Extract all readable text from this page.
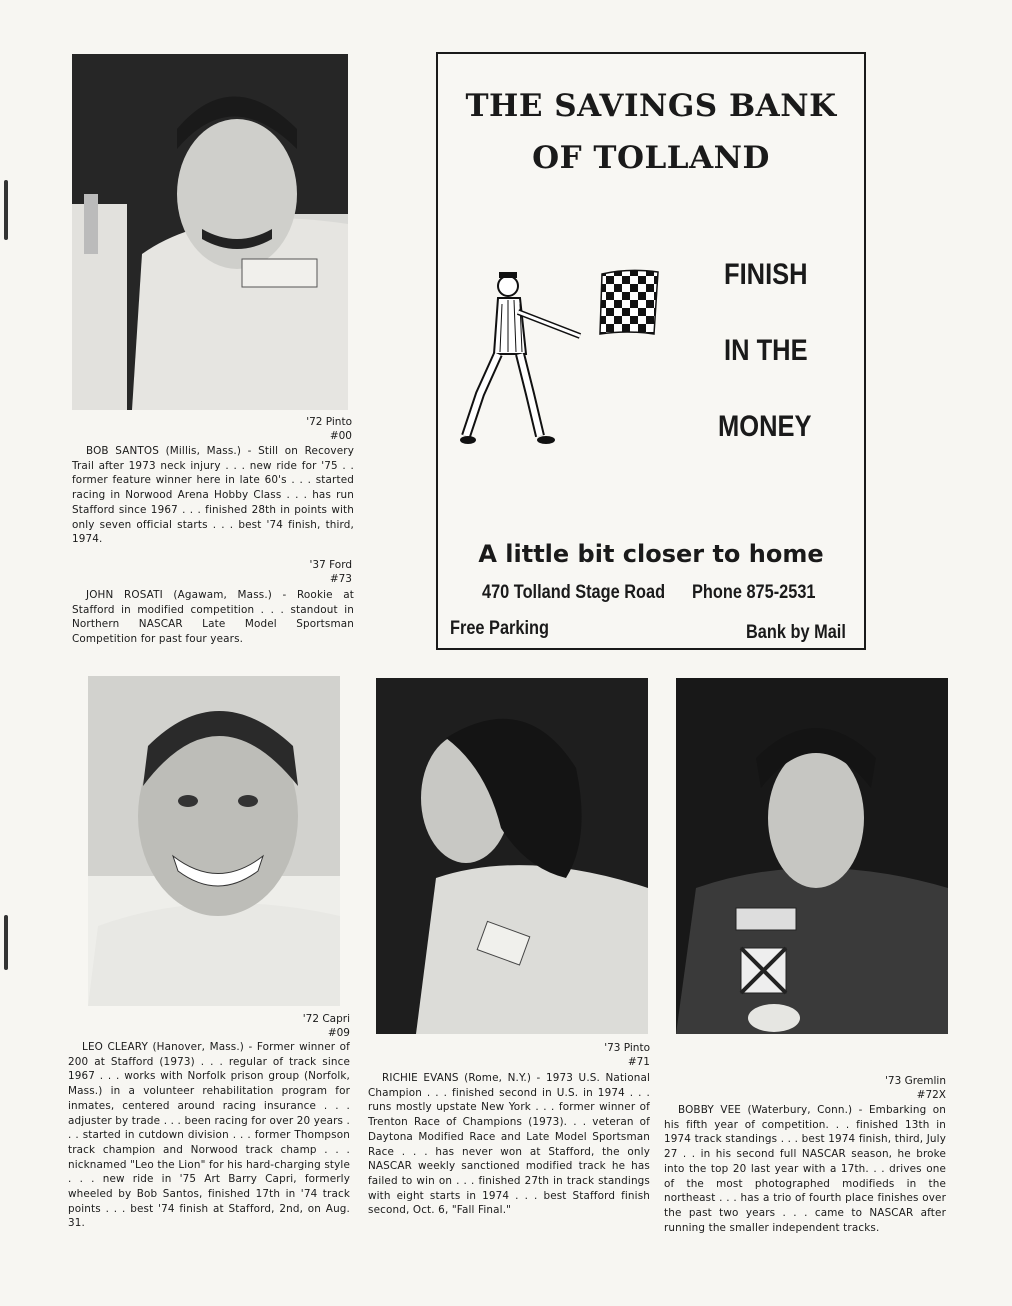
'72 Pinto
#00
BOB SANTOS (Millis, Mass.) - Still on Recovery Trail after 1973 neck injury . . . new ride for '75 . . former feature winner here in late 60's . . . started racing in Norwood Arena Hobby Class . . . has run Stafford since 1967 . . . finished 28th in points with only seven official starts . . . best '74 finish, third, 1974.
'37 Ford
#73
JOHN ROSATI (Agawam, Mass.) - Rookie at Stafford in modified competition . . . standout in Northern NASCAR Late Model Sportsman Competition for past four years.
THE SAVINGS BANK
OF TOLLAND
FINISH
IN THE
MONEY
A little bit closer to home
470 Tolland Stage Road Phone 875-2531
Free Parking	Bank by Mail
'72 Capri
#09
LEO CLEARY (Hanover, Mass.) - Former winner of 200 at Stafford (1973) . . . regular of track since 1967 . . . works with Norfolk prison group (Norfolk, Mass.) in a volunteer rehabilitation program for inmates, centered around racing insurance . . . adjuster by trade . . . been racing for over 20 years . . . started in cutdown division . . . former Thompson track champion and Norwood track champ . . . nicknamed "Leo the Lion" for his hard-charging style . . . new ride in '75 Art Barry Capri, formerly wheeled by Bob Santos, finished 17th in '74 track points . . . best '74 finish at Stafford, 2nd, on Aug. 31.
'73 Pinto
#71
RICHIE EVANS (Rome, N.Y.) - 1973 U.S. National Champion . . . finished second in U.S. in 1974 . . . runs mostly upstate New York . . . former winner of Trenton Race of Champions (1973). . . veteran of Daytona Modified Race and Late Model Sportsman Race . . . has never won at Stafford, the only NASCAR weekly sanctioned modified track he has failed to win on . . . finished 27th in track standings with eight starts in 1974 . . . best Stafford finish second, Oct. 6, "Fall Final."
'73 Gremlin
#72X
BOBBY VEE (Waterbury, Conn.) - Embarking on his fifth year of competition. . . finished 13th in 1974 track standings . . . best 1974 finish, third, July 27 . . in his second full NASCAR season, he broke into the top 20 last year with a 17th. . . drives one of the most photographed modifieds in the northeast . . . has a trio of fourth place finishes over the past two years . . . came to NASCAR after running the smaller independent tracks.
